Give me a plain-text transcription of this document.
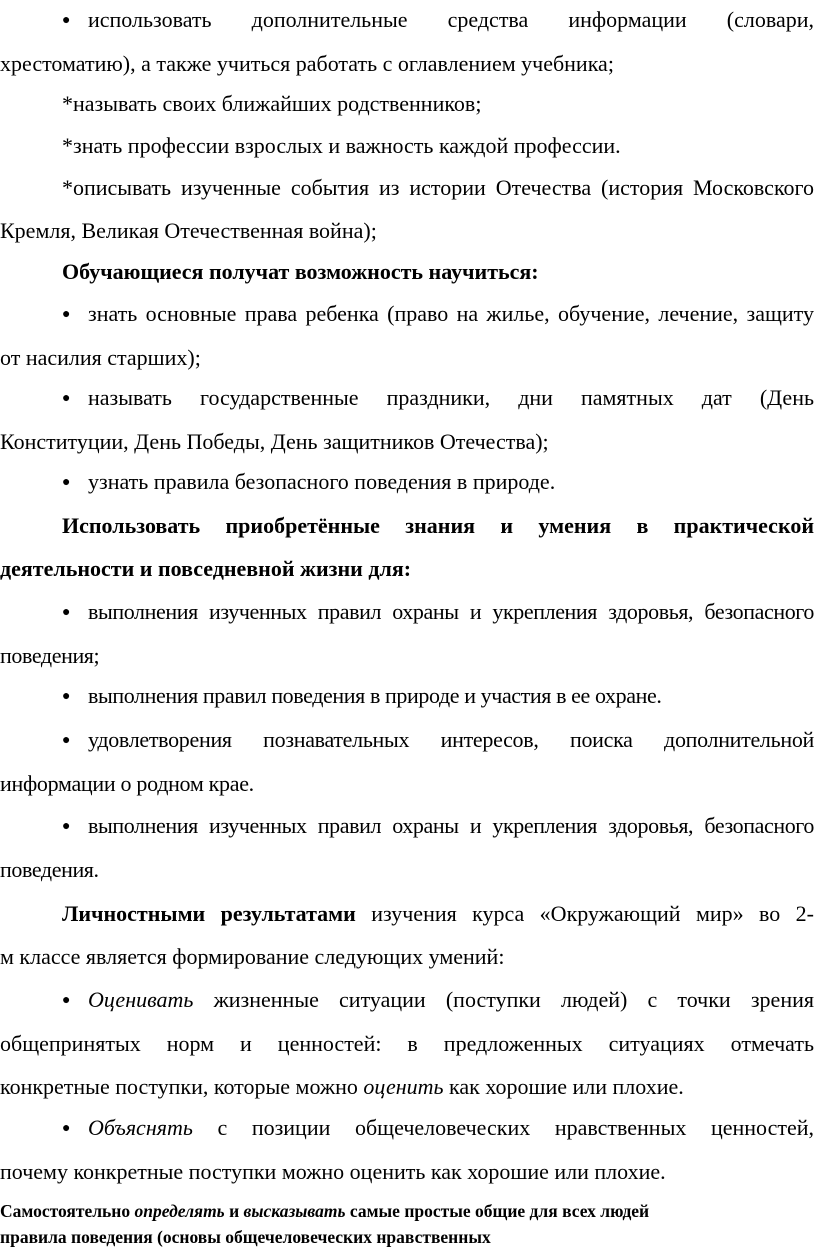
● использовать дополнительные средства информации (словари,
хрестоматию), а также учиться работать с оглавлением учебника;

*называть своих ближайших родственников;

*знать профессии взрослых и важность каждой профессии.

*описывать изученные события из истории Отечества (история Московского
Кремля, Великая Отечественная война);

Обучающиеся получат возможность научиться:

● знать основные права ребенка (право на жилье, обучение, лечение, защиту
от насилия старших);

● называть государственные праздники, дни памятных дат (День
Конституции, День Победы, День защитников Отечества);

● узнать правила безопасного поведения в природе.

Использовать приобретённые знания и умения в практической
деятельности и повседневной жизни для:

● выполнения изученных правил охраны и укрепления здоровья, безопасного
поведения;

● выполнения правил поведения в природе и участия в ее охране.

● удовлетворения познавательных интересов, поиска дополнительной
информации о родном крае.

● выполнения изученных правил охраны и укрепления здоровья, безопасного
поведения.

Личностными результатами изучения курса «Окружающий мир» во 2-
м классе является формирование следующих умений:

● Оценивать жизненные ситуации (поступки людей) с точки зрения
общепринятых норм и ценностей: в предложенных ситуациях отмечать
конкретные поступки, которые можно оценить как хорошие или плохие.

● Объяснять с позиции общечеловеческих нравственных ценностей,
почему конкретные поступки можно оценить как хорошие или плохие.

Самостоятельно определять и высказывать самые простые общие для всех людей
правила поведения (основы общечеловеческих нравственных
